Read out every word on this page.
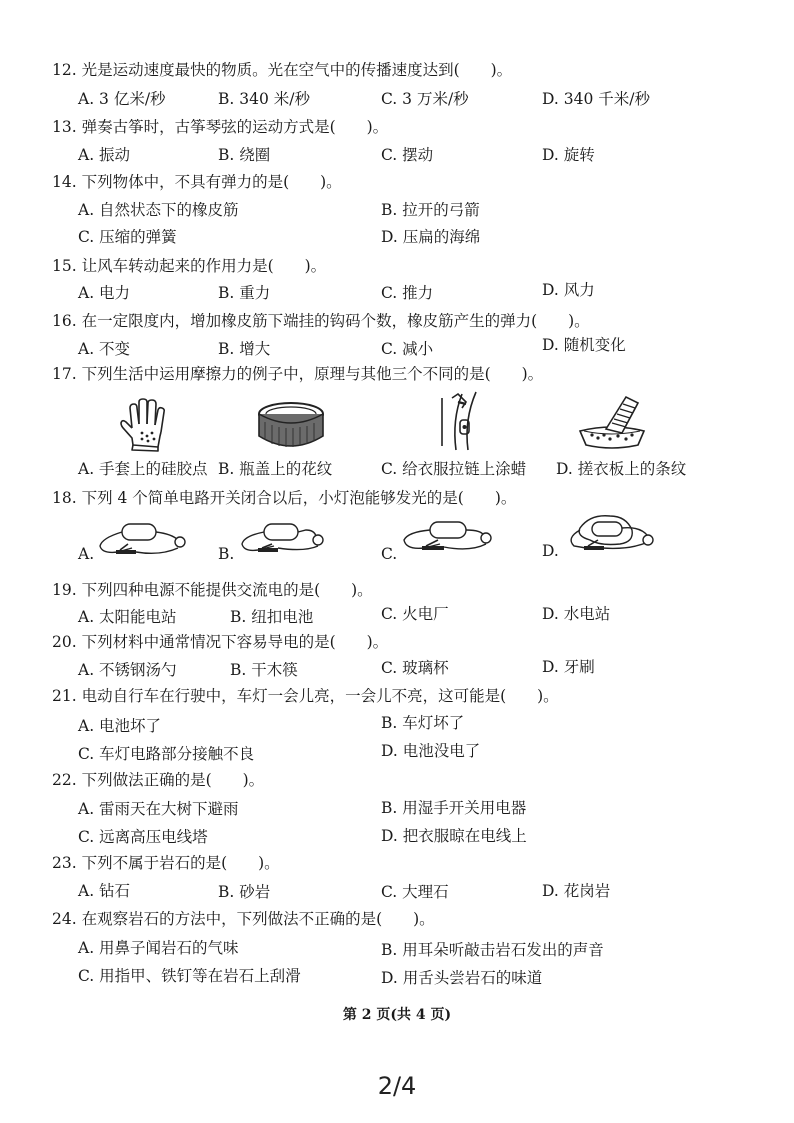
12. 光是运动速度最快的物质。光在空气中的传播速度达到(　　)。
A. 3 亿米/秒	B. 340 米/秒	C. 3 万米/秒	D. 340 千米/秒
13. 弹奏古筝时，古筝琴弦的运动方式是(　　)。
A. 振动	B. 绕圈	C. 摆动	D. 旋转
14. 下列物体中，不具有弹力的是(　　)。
A. 自然状态下的橡皮筋	B. 拉开的弓箭
C. 压缩的弹簧	D. 压扁的海绵
15. 让风车转动起来的作用力是(　　)。
A. 电力	B. 重力	C. 推力	D. 风力
16. 在一定限度内，增加橡皮筋下端挂的钩码个数，橡皮筋产生的弹力(　　)。
A. 不变	B. 增大	C. 减小	D. 随机变化
17. 下列生活中运用摩擦力的例子中，原理与其他三个不同的是(　　)。
A. 手套上的硅胶点 B. 瓶盖上的花纹	C. 给衣服拉链上涂蜡 D. 搓衣板上的条纹
18. 下列 4 个简单电路开关闭合以后，小灯泡能够发光的是(　　)。
A.	B.	C.	D.
19. 下列四种电源不能提供交流电的是(　　)。
A. 太阳能电站	B. 纽扣电池	C. 火电厂	D. 水电站
20. 下列材料中通常情况下容易导电的是(　　)。
A. 不锈钢汤勺	B. 干木筷	C. 玻璃杯	D. 牙刷
21. 电动自行车在行驶中，车灯一会儿亮，一会儿不亮，这可能是(　　)。
A. 电池坏了	B. 车灯坏了
C. 车灯电路部分接触不良	D. 电池没电了
22. 下列做法正确的是(　　)。
A. 雷雨天在大树下避雨	B. 用湿手开关用电器
C. 远离高压电线塔	D. 把衣服晾在电线上
23. 下列不属于岩石的是(　　)。
A. 钻石	B. 砂岩	C. 大理石	D. 花岗岩
24. 在观察岩石的方法中，下列做法不正确的是(　　)。
A. 用鼻子闻岩石的气味	B. 用耳朵听敲击岩石发出的声音
C. 用指甲、铁钉等在岩石上刮滑	D. 用舌头尝岩石的味道
第 2 页(共 4 页)
2/4
